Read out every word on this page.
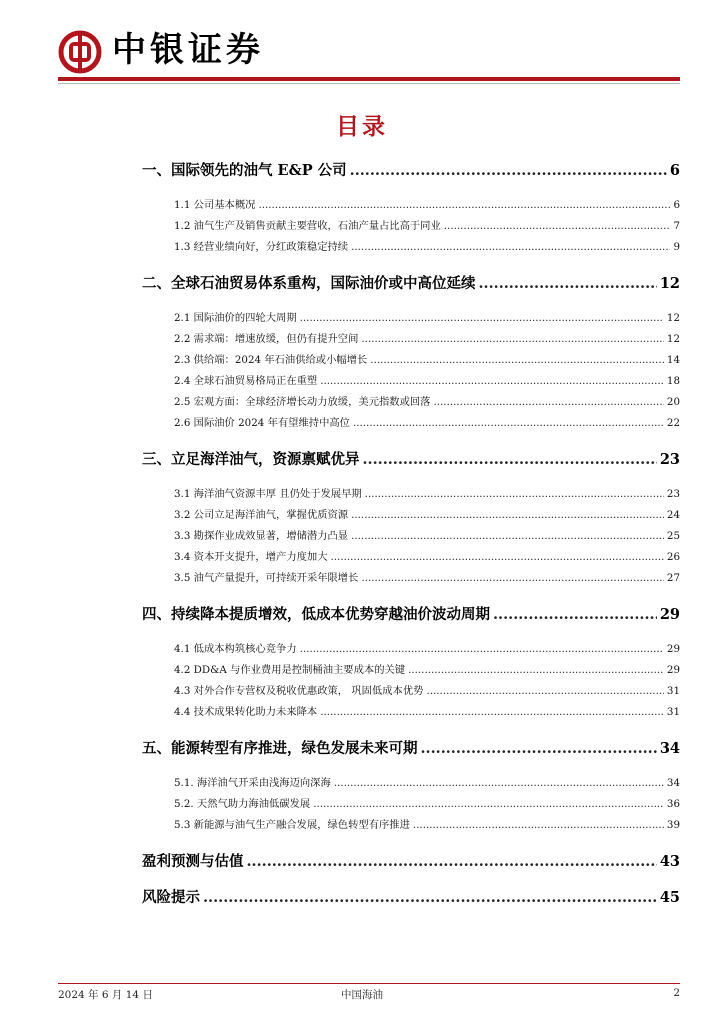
中银证券
目录
一、国际领先的油气 E&P 公司 .....	6
1.1 公司基本概况 .....	6
1.2 油气生产及销售贡献主要营收，石油产量占比高于同业 .....	7
1.3 经营业绩向好，分红政策稳定持续 .....	9
二、全球石油贸易体系重构，国际油价或中高位延续 .....	12
2.1 国际油价的四轮大周期 .....	12
2.2 需求端：增速放缓，但仍有提升空间 .....	12
2.3 供给端：2024 年石油供给或小幅增长 .....	14
2.4 全球石油贸易格局正在重塑 .....	18
2.5 宏观方面：全球经济增长动力放缓，美元指数或回落 .....	20
2.6 国际油价 2024 年有望维持中高位 .....	22
三、立足海洋油气，资源禀赋优异 .....	23
3.1 海洋油气资源丰厚 且仍处于发展早期 .....	23
3.2 公司立足海洋油气，掌握优质资源 .....	24
3.3 勘探作业成效显著，增储潜力凸显 .....	25
3.4 资本开支提升，增产力度加大 .....	26
3.5 油气产量提升，可持续开采年限增长 .....	27
四、持续降本提质增效，低成本优势穿越油价波动周期 .....	29
4.1 低成本构筑核心竞争力 .....	29
4.2 DD&A 与作业费用是控制桶油主要成本的关键 .....	29
4.3 对外合作专营权及税收优惠政策， 巩固低成本优势 .....	31
4.4 技术成果转化助力未来降本 .....	31
五、能源转型有序推进，绿色发展未来可期 .....	34
5.1. 海洋油气开采由浅海迈向深海 .....	34
5.2. 天然气助力海油低碳发展 .....	36
5.3 新能源与油气生产融合发展，绿色转型有序推进 .....	39
盈利预测与估值 .....	43
风险提示 .....	45
2024 年 6 月 14 日	中国海油	2
